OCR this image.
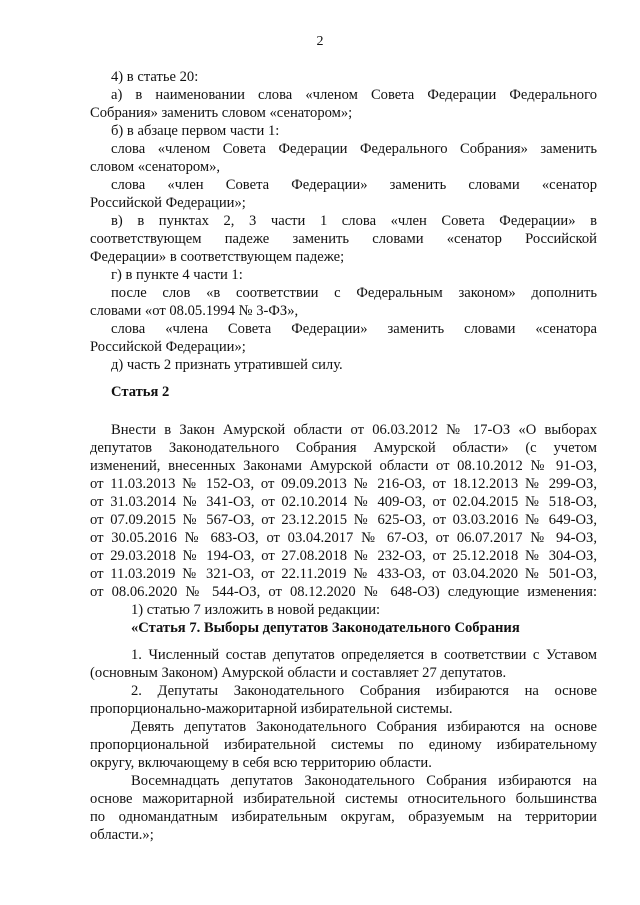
2
4) в статье 20:
а) в наименовании слова «членом Совета Федерации Федерального
Собрания» заменить словом «сенатором»;
б) в абзаце первом части 1:
слова «членом Совета Федерации Федерального Собрания» заменить
словом «сенатором»,
слова «член Совета Федерации» заменить словами «сенатор
Российской Федерации»;
в) в пунктах 2, 3 части 1 слова «член Совета Федерации» в
соответствующем падеже заменить словами «сенатор Российской
Федерации» в соответствующем падеже;
г) в пункте 4 части 1:
после слов «в соответствии с Федеральным законом» дополнить
словами «от 08.05.1994 № 3-ФЗ»,
слова «члена Совета Федерации» заменить словами «сенатора
Российской Федерации»;
д) часть 2 признать утратившей силу.
Статья 2
Внести в Закон Амурской области от 06.03.2012 № 17-ОЗ «О выборах
депутатов Законодательного Собрания Амурской области» (с учетом
изменений, внесенных Законами Амурской области от 08.10.2012 № 91-ОЗ,
от 11.03.2013 № 152-ОЗ, от 09.09.2013 № 216-ОЗ, от 18.12.2013 № 299-ОЗ,
от 31.03.2014 № 341-ОЗ, от 02.10.2014 № 409-ОЗ, от 02.04.2015 № 518-ОЗ,
от 07.09.2015 № 567-ОЗ, от 23.12.2015 № 625-ОЗ, от 03.03.2016 № 649-ОЗ,
от 30.05.2016 № 683-ОЗ, от 03.04.2017 № 67-ОЗ, от 06.07.2017 № 94-ОЗ,
от 29.03.2018 № 194-ОЗ, от 27.08.2018 № 232-ОЗ, от 25.12.2018 № 304-ОЗ,
от 11.03.2019 № 321-ОЗ, от 22.11.2019 № 433-ОЗ, от 03.04.2020 № 501-ОЗ,
от 08.06.2020 № 544-ОЗ, от 08.12.2020 № 648-ОЗ) следующие изменения:
1) статью 7 изложить в новой редакции:
«Статья 7. Выборы депутатов Законодательного Собрания
1. Численный состав депутатов определяется в соответствии с Уставом
(основным Законом) Амурской области и составляет 27 депутатов.
2. Депутаты Законодательного Собрания избираются на основе
пропорционально-мажоритарной избирательной системы.
Девять депутатов Законодательного Собрания избираются на основе
пропорциональной избирательной системы по единому избирательному
округу, включающему в себя всю территорию области.
Восемнадцать депутатов Законодательного Собрания избираются на
основе мажоритарной избирательной системы относительного большинства
по одномандатным избирательным округам, образуемым на территории
области.»;
